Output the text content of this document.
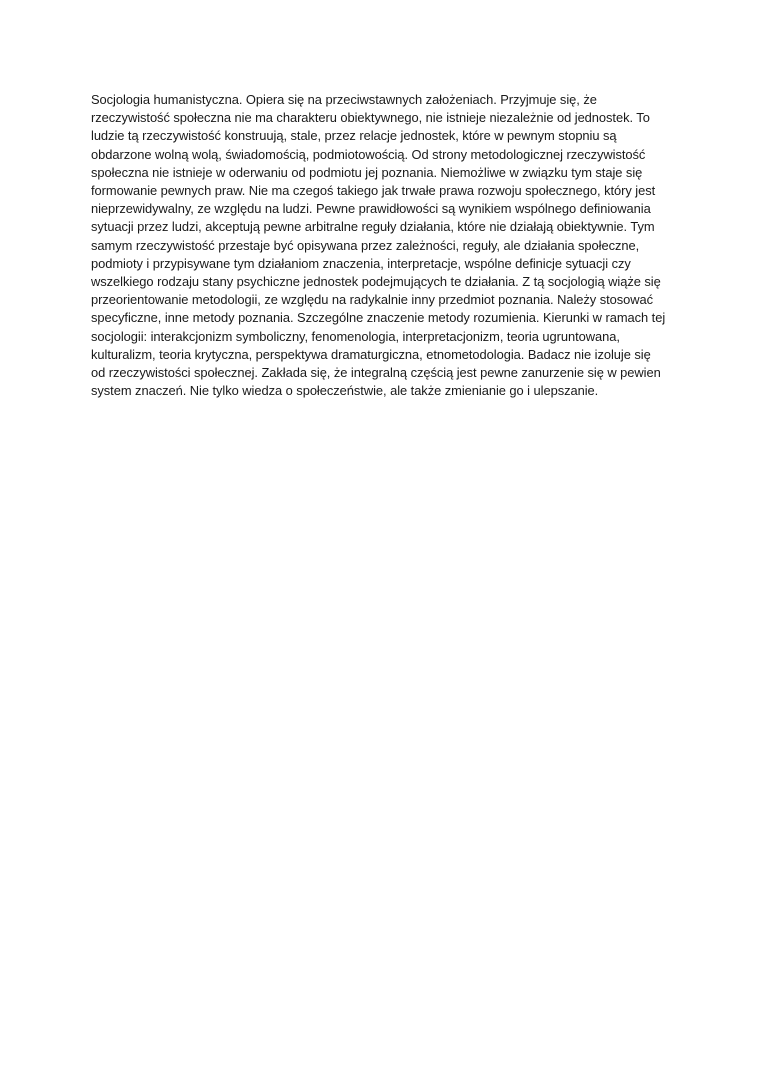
Socjologia humanistyczna. Opiera się na przeciwstawnych założeniach. Przyjmuje się, że
rzeczywistość społeczna nie ma charakteru obiektywnego, nie istnieje niezależnie od jednostek. To
ludzie tą rzeczywistość konstruują, stale, przez relacje jednostek, które w pewnym stopniu są
obdarzone wolną wolą, świadomością, podmiotowością. Od strony metodologicznej rzeczywistość
społeczna nie istnieje w oderwaniu od podmiotu jej poznania. Niemożliwe w związku tym staje się
formowanie pewnych praw. Nie ma czegoś takiego jak trwałe prawa rozwoju społecznego, który jest
nieprzewidywalny, ze względu na ludzi. Pewne prawidłowości są wynikiem wspólnego definiowania
sytuacji przez ludzi, akceptują pewne arbitralne reguły działania, które nie działają obiektywnie. Tym
samym rzeczywistość przestaje być opisywana przez zależności, reguły, ale działania społeczne,
podmioty i przypisywane tym działaniom znaczenia, interpretacje, wspólne definicje sytuacji czy
wszelkiego rodzaju stany psychiczne jednostek podejmujących te działania. Z tą socjologią wiąże się
przeorientowanie metodologii, ze względu na radykalnie inny przedmiot poznania. Należy stosować
specyficzne, inne metody poznania. Szczególne znaczenie metody rozumienia. Kierunki w ramach tej
socjologii: interakcjonizm symboliczny, fenomenologia, interpretacjonizm, teoria ugruntowana,
kulturalizm, teoria krytyczna, perspektywa dramaturgiczna, etnometodologia. Badacz nie izoluje się
od rzeczywistości społecznej. Zakłada się, że integralną częścią jest pewne zanurzenie się w pewien
system znaczeń. Nie tylko wiedza o społeczeństwie, ale także zmienianie go i ulepszanie.
